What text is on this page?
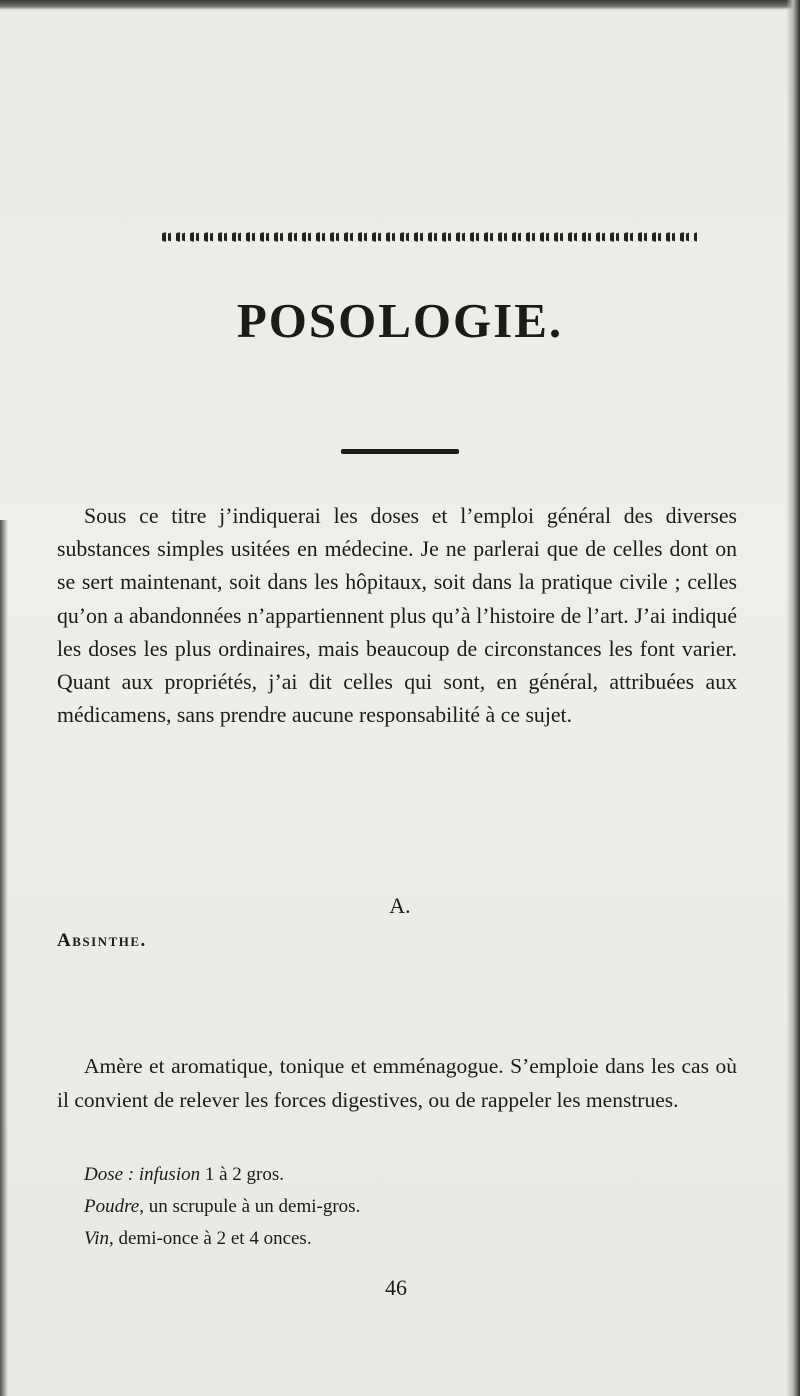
POSOLOGIE.

Sous ce titre j’indiquerai les doses et l’emploi général des diverses substances simples usitées en médecine. Je ne parlerai que de celles dont on se sert maintenant, soit dans les hôpitaux, soit dans la pratique civile ; celles qu’on a abandonnées n’appartiennent plus qu’à l’histoire de l’art. J’ai indiqué les doses les plus ordinaires, mais beaucoup de circonstances les font varier. Quant aux propriétés, j’ai dit celles qui sont, en général, attribuées aux médicamens, sans prendre aucune responsabilité à ce sujet.

A.

Absinthe.

Amère et aromatique, tonique et emménagogue. S’emploie dans les cas où il convient de relever les forces digestives, ou de rappeler les menstrues.

Dose : infusion 1 à 2 gros.

Poudre, un scrupule à un demi-gros.

Vin, demi-once à 2 et 4 onces.

46
